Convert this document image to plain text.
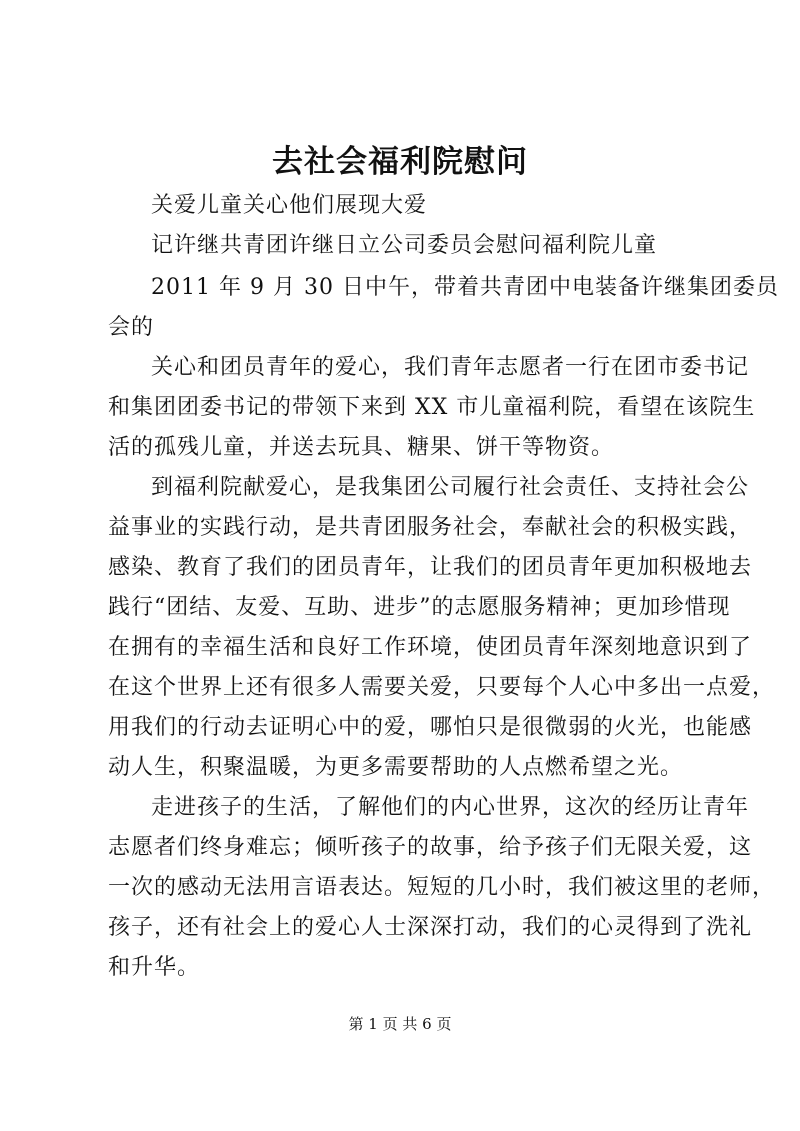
去社会福利院慰问
关爱儿童关心他们展现大爱
记许继共青团许继日立公司委员会慰问福利院儿童
2011 年 9 月 30 日中午，带着共青团中电装备许继集团委员
会的
关心和团员青年的爱心，我们青年志愿者一行在团市委书记
和集团团委书记的带领下来到 XX 市儿童福利院，看望在该院生
活的孤残儿童，并送去玩具、糖果、饼干等物资。
到福利院献爱心，是我集团公司履行社会责任、支持社会公
益事业的实践行动，是共青团服务社会，奉献社会的积极实践，
感染、教育了我们的团员青年，让我们的团员青年更加积极地去
践行“团结、友爱、互助、进步”的志愿服务精神；更加珍惜现
在拥有的幸福生活和良好工作环境，使团员青年深刻地意识到了
在这个世界上还有很多人需要关爱，只要每个人心中多出一点爱，
用我们的行动去证明心中的爱，哪怕只是很微弱的火光，也能感
动人生，积聚温暖，为更多需要帮助的人点燃希望之光。
走进孩子的生活，了解他们的内心世界，这次的经历让青年
志愿者们终身难忘；倾听孩子的故事，给予孩子们无限关爱，这
一次的感动无法用言语表达。短短的几小时，我们被这里的老师，
孩子，还有社会上的爱心人士深深打动，我们的心灵得到了洗礼
和升华。
第 1 页 共 6 页
